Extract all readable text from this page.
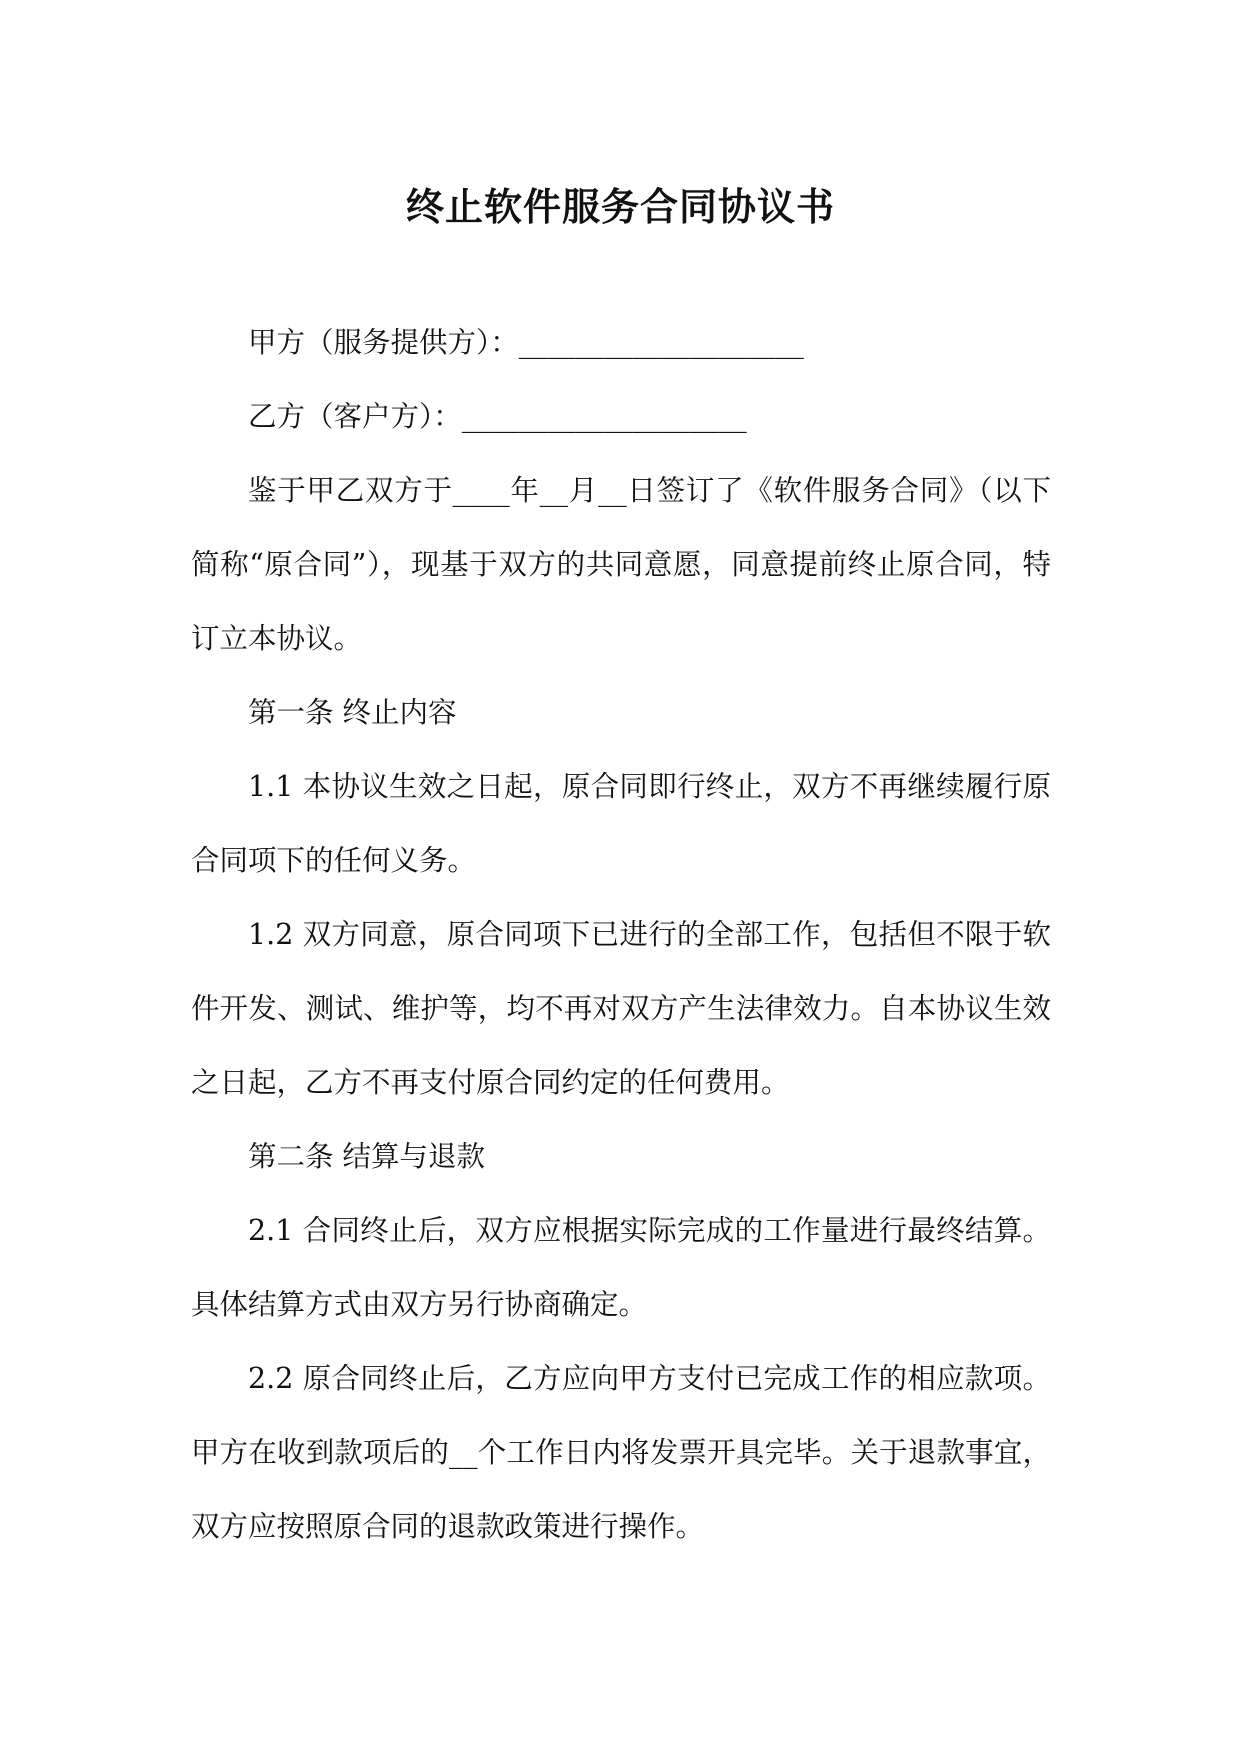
终止软件服务合同协议书

甲方（服务提供方）：____________________

乙方（客户方）：____________________

鉴于甲乙双方于____年__月__日签订了《软件服务合同》（以下简称“原合同”），现基于双方的共同意愿，同意提前终止原合同，特订立本协议。

第一条 终止内容

1.1 本协议生效之日起，原合同即行终止，双方不再继续履行原合同项下的任何义务。

1.2 双方同意，原合同项下已进行的全部工作，包括但不限于软件开发、测试、维护等，均不再对双方产生法律效力。自本协议生效之日起，乙方不再支付原合同约定的任何费用。

第二条 结算与退款

2.1 合同终止后，双方应根据实际完成的工作量进行最终结算。具体结算方式由双方另行协商确定。

2.2 原合同终止后，乙方应向甲方支付已完成工作的相应款项。甲方在收到款项后的__个工作日内将发票开具完毕。关于退款事宜，双方应按照原合同的退款政策进行操作。
